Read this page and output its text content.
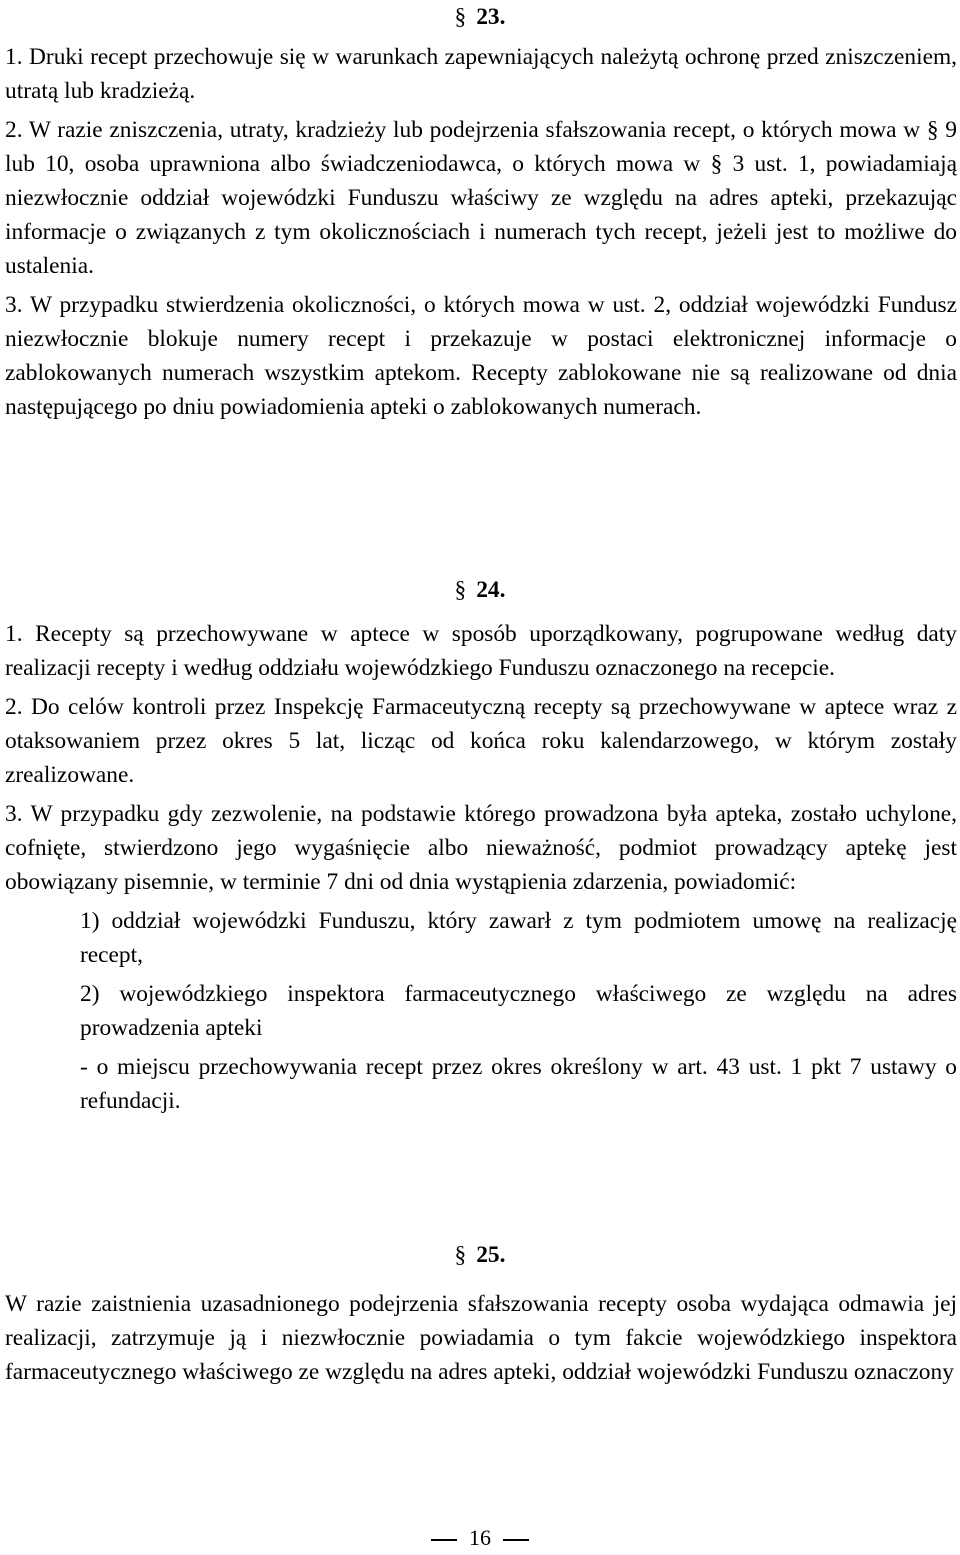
§ 23.

1. Druki recept przechowuje się w warunkach zapewniających należytą ochronę przed zniszczeniem, utratą lub kradzieżą.

2. W razie zniszczenia, utraty, kradzieży lub podejrzenia sfałszowania recept, o których mowa w § 9 lub 10, osoba uprawniona albo świadczeniodawca, o których mowa w § 3 ust. 1, powiadamiają niezwłocznie oddział wojewódzki Funduszu właściwy ze względu na adres apteki, przekazując informacje o związanych z tym okolicznościach i numerach tych recept, jeżeli jest to możliwe do ustalenia.

3. W przypadku stwierdzenia okoliczności, o których mowa w ust. 2, oddział wojewódzki Fundusz niezwłocznie blokuje numery recept i przekazuje w postaci elektronicznej informacje o zablokowanych numerach wszystkim aptekom. Recepty zablokowane nie są realizowane od dnia następującego po dniu powiadomienia apteki o zablokowanych numerach.

§ 24.

1. Recepty są przechowywane w aptece w sposób uporządkowany, pogrupowane według daty realizacji recepty i według oddziału wojewódzkiego Funduszu oznaczonego na recepcie.

2. Do celów kontroli przez Inspekcję Farmaceutyczną recepty są przechowywane w aptece wraz z otaksowaniem przez okres 5 lat, licząc od końca roku kalendarzowego, w którym zostały zrealizowane.

3. W przypadku gdy zezwolenie, na podstawie którego prowadzona była apteka, zostało uchylone, cofnięte, stwierdzono jego wygaśnięcie albo nieważność, podmiot prowadzący aptekę jest obowiązany pisemnie, w terminie 7 dni od dnia wystąpienia zdarzenia, powiadomić:

1) oddział wojewódzki Funduszu, który zawarł z tym podmiotem umowę na realizację recept,

2) wojewódzkiego inspektora farmaceutycznego właściwego ze względu na adres prowadzenia apteki

- o miejscu przechowywania recept przez okres określony w art. 43 ust. 1 pkt 7 ustawy o refundacji.

§ 25.

W razie zaistnienia uzasadnionego podejrzenia sfałszowania recepty osoba wydająca odmawia jej realizacji, zatrzymuje ją i niezwłocznie powiadamia o tym fakcie wojewódzkiego inspektora farmaceutycznego właściwego ze względu na adres apteki, oddział wojewódzki Funduszu oznaczony

16
